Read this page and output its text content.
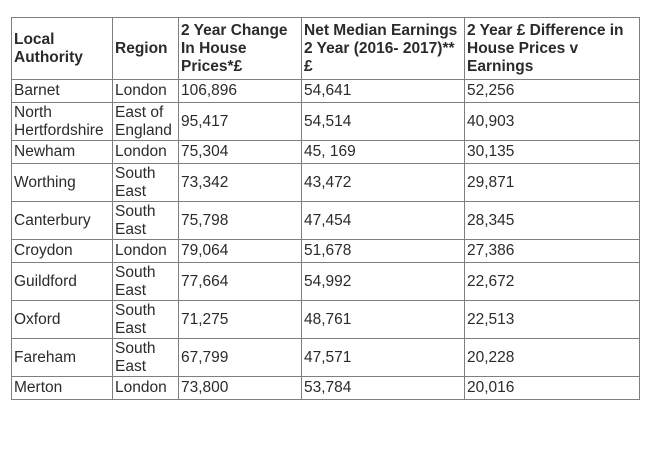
Local Authority	Region	2 Year Change In House Prices*£	Net Median Earnings 2 Year (2016- 2017)** £	2 Year £ Difference in House Prices v Earnings
Barnet	London	106,896	54,641	52,256
North Hertfordshire	East of England	95,417	54,514	40,903
Newham	London	75,304	45, 169	30,135
Worthing	South East	73,342	43,472	29,871
Canterbury	South East	75,798	47,454	28,345
Croydon	London	79,064	51,678	27,386
Guildford	South East	77,664	54,992	22,672
Oxford	South East	71,275	48,761	22,513
Fareham	South East	67,799	47,571	20,228
Merton	London	73,800	53,784	20,016
